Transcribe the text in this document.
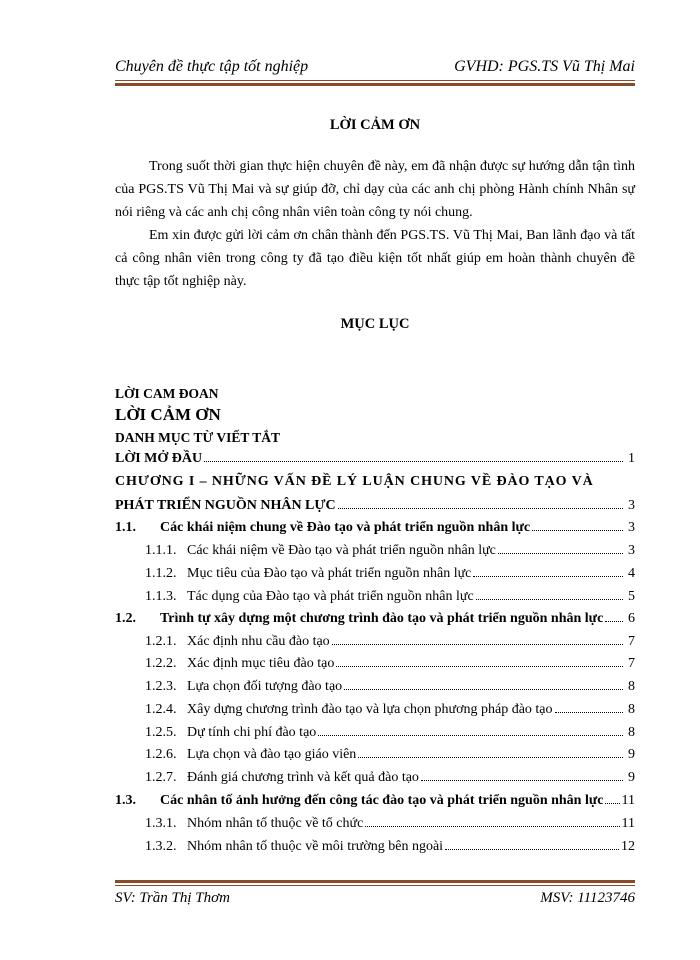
Chuyên đề thực tập tốt nghiệp	GVHD: PGS.TS Vũ Thị Mai
LỜI CẢM ƠN

Trong suốt thời gian thực hiện chuyên đề này, em đã nhận được sự hướng dẫn tận tình của PGS.TS Vũ Thị Mai và sự giúp đỡ, chỉ dạy của các anh chị phòng Hành chính Nhân sự nói riêng và các anh chị công nhân viên toàn công ty nói chung.

Em xin được gửi lời cảm ơn chân thành đến PGS.TS. Vũ Thị Mai, Ban lãnh đạo và tất cả công nhân viên trong công ty đã tạo điều kiện tốt nhất giúp em hoàn thành chuyên đề thực tập tốt nghiệp này.

MỤC LỤC
LỜI CAM ĐOAN
LỜI CẢM ƠN
DANH MỤC TỪ VIẾT TẮT
LỜI MỞ ĐẦU	1
CHƯƠNG I – NHỮNG VẤN ĐỀ LÝ LUẬN CHUNG VỀ ĐÀO TẠO VÀ
PHÁT TRIỂN NGUỒN NHÂN LỰC	3
1.1.	Các khái niệm chung về Đào tạo và phát triển nguồn nhân lực	3
1.1.1. Các khái niệm về Đào tạo và phát triển nguồn nhân lực	3
1.1.2. Mục tiêu của Đào tạo và phát triển nguồn nhân lực	4
1.1.3. Tác dụng của Đào tạo và phát triển nguồn nhân lực	5
1.2.	Trình tự xây dựng một chương trình đào tạo và phát triển nguồn nhân lực 6
1.2.1. Xác định nhu cầu đào tạo	7
1.2.2. Xác định mục tiêu đào tạo	7
1.2.3. Lựa chọn đối tượng đào tạo	8
1.2.4. Xây dựng chương trình đào tạo và lựa chọn phương pháp đào tạo	8
1.2.5. Dự tính chi phí đào tạo	8
1.2.6. Lựa chọn và đào tạo giáo viên	9
1.2.7. Đánh giá chương trình và kết quả đào tạo	9
1.3.	Các nhân tố ảnh hưởng đến công tác đào tạo và phát triển nguồn nhân lực 11
1.3.1. Nhóm nhân tố thuộc về tổ chức	11
1.3.2. Nhóm nhân tố thuộc về môi trường bên ngoài	12
SV: Trần Thị Thơm	MSV: 11123746
